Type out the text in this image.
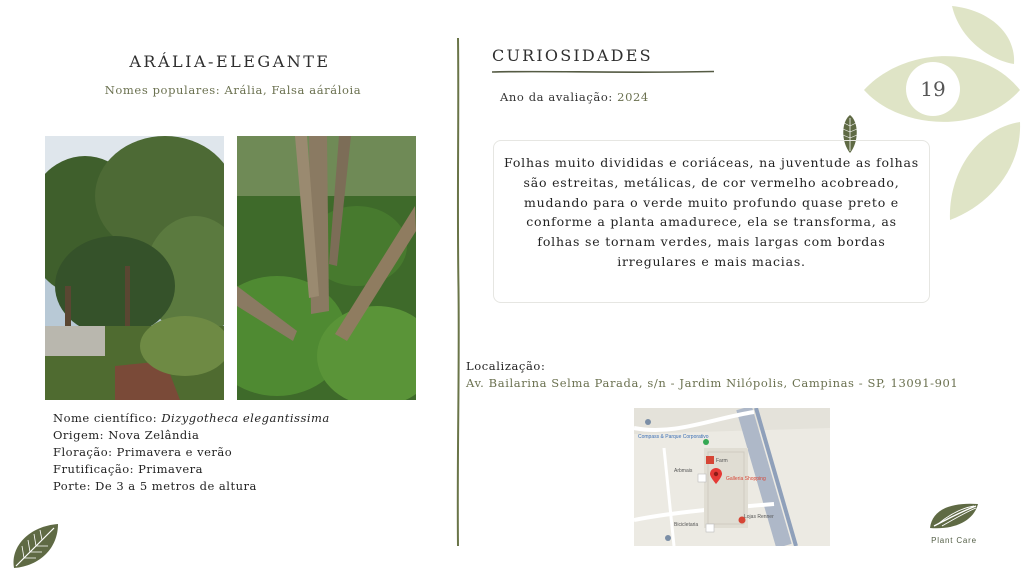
19
ARÁLIA-ELEGANTE
Nomes populares: Arália, Falsa aáráloia
Nome científico: Dizygotheca elegantissima
Origem: Nova Zelândia
Floração: Primavera e verão
Frutificação: Primavera
Porte: De 3 a 5 metros de altura
CURIOSIDADES
Ano da avaliação: 2024
Folhas muito divididas e coriáceas, na juventude as folhas são estreitas, metálicas, de cor vermelho acobreado, mudando para o verde muito profundo quase preto e conforme a planta amadurece, ela se transforma, as folhas se tornam verdes, mais largas com bordas irregulares e mais macias.
Localização:
Av. Bailarina Selma Parada, s/n - Jardim Nilópolis, Campinas - SP, 13091-901
Compass & Parque Corporativo
Farm
Arbmais
Galleria Shopping
Lojas Renner
Bicicletaria
Plant Care
